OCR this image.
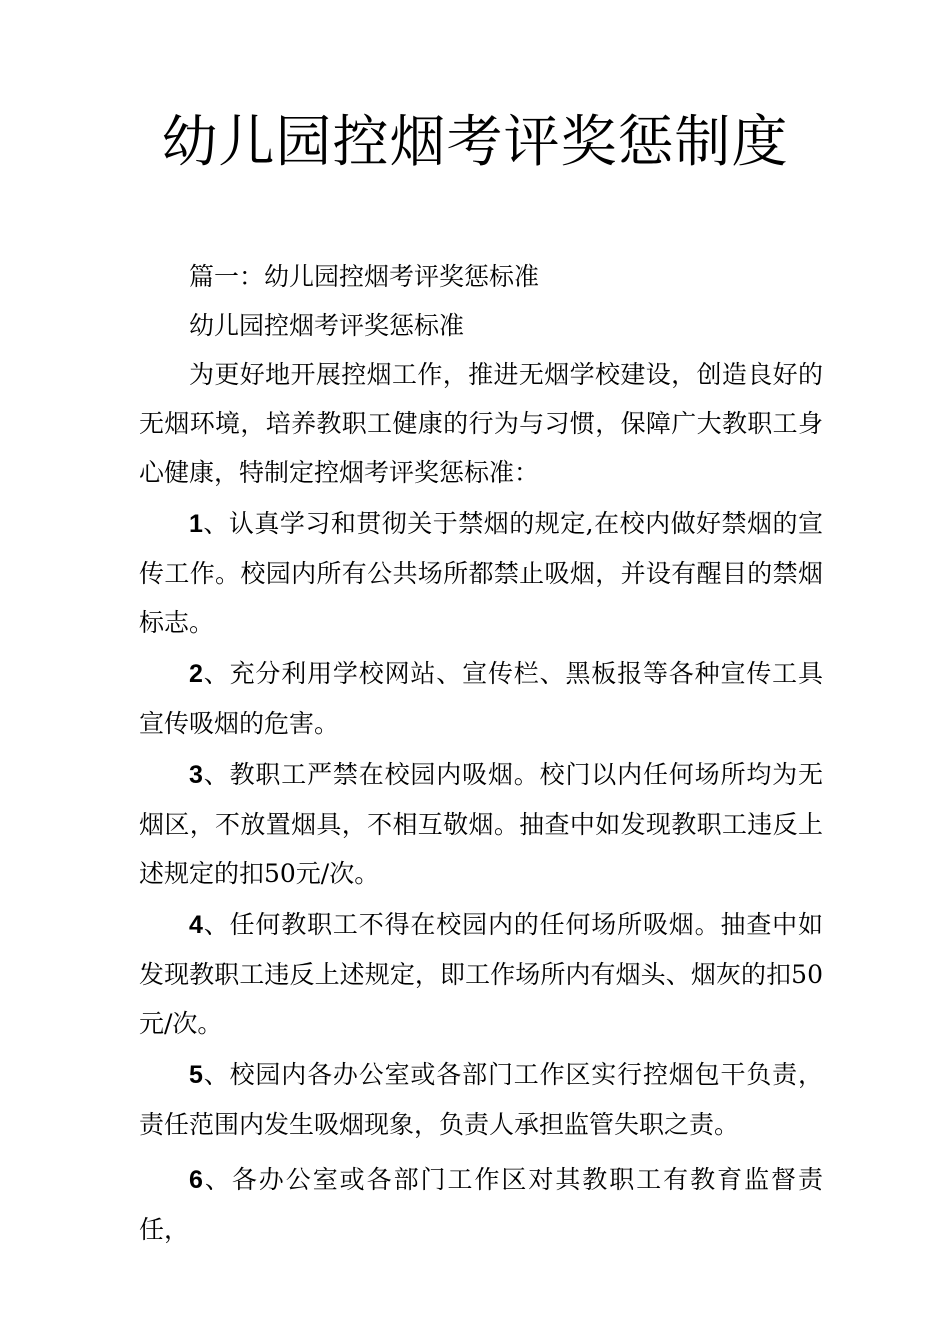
幼儿园控烟考评奖惩制度

篇一：幼儿园控烟考评奖惩标准

幼儿园控烟考评奖惩标准

为更好地开展控烟工作，推进无烟学校建设，创造良好的无烟环境，培养教职工健康的行为与习惯，保障广大教职工身心健康，特制定控烟考评奖惩标准：

1、认真学习和贯彻关于禁烟的规定,在校内做好禁烟的宣传工作。校园内所有公共场所都禁止吸烟，并设有醒目的禁烟标志。

2、充分利用学校网站、宣传栏、黑板报等各种宣传工具宣传吸烟的危害。

3、教职工严禁在校园内吸烟。校门以内任何场所均为无烟区，不放置烟具，不相互敬烟。抽查中如发现教职工违反上述规定的扣50元/次。

4、任何教职工不得在校园内的任何场所吸烟。抽查中如发现教职工违反上述规定，即工作场所内有烟头、烟灰的扣50元/次。

5、校园内各办公室或各部门工作区实行控烟包干负责，责任范围内发生吸烟现象，负责人承担监管失职之责。

6、各办公室或各部门工作区对其教职工有教育监督责任，
